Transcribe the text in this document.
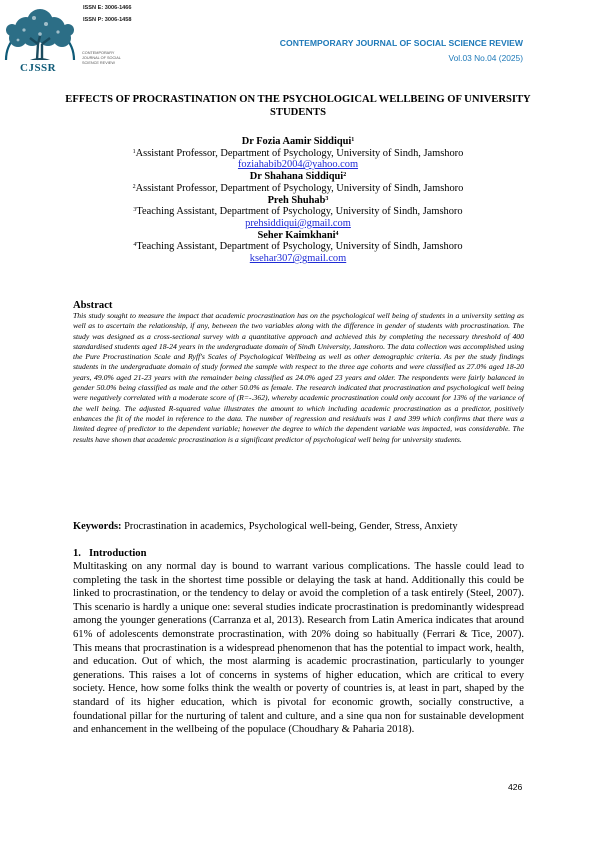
ISSN E: 3006-1466
ISSN P: 3006-1458
CONTEMPORARY
JOURNAL OF SOCIAL
SCIENCE REVIEW
CJSSR
CONTEMPORARY JOURNAL OF SOCIAL SCIENCE REVIEW
Vol.03 No.04 (2025)
EFFECTS OF PROCRASTINATION ON THE PSYCHOLOGICAL WELLBEING OF UNIVERSITY STUDENTS
Dr Fozia Aamir Siddiqui$^1$
$^1$Assistant Professor, Department of Psychology, University of Sindh, Jamshoro
foziahabib2004@yahoo.com
Dr Shahana Siddiqui$^2$
$^2$Assistant Professor, Department of Psychology, University of Sindh, Jamshoro
Preh Shuhab$^3$
$^3$Teaching Assistant, Department of Psychology, University of Sindh, Jamshoro
prehsiddiqui@gmail.com
Seher Kaimkhani$^4$
$^4$Teaching Assistant, Department of Psychology, University of Sindh, Jamshoro
ksehar307@gmail.com
Abstract
This study sought to measure the impact that academic procrastination has on the psychological well being of students in a university setting as well as to ascertain the relationship, if any, between the two variables along with the difference in gender of students with procrastination. The study was designed as a cross-sectional survey with a quantitative approach and achieved this by completing the necessary threshold of 400 standardised students aged 18-24 years in the undergraduate domain of Sindh University, Jamshoro. The data collection was accomplished using the Pure Procrastination Scale and Ryff's Scales of Psychological Wellbeing as well as other demographic criteria. As per the study findings students in the undergraduate domain of study formed the sample with respect to the three age cohorts and were classified as 27.0% aged 18-20 years, 49.0% aged 21-23 years with the remainder being classified as 24.0% aged 23 years and older. The respondents were fairly balanced in gender 50.0% being classified as male and the other 50.0% as female. The research indicated that procrastination and psychological well being were negatively correlated with a moderate score of (R=-.362), whereby academic procrastination could only account for 13% of the variance of the well being. The adjusted R-squared value illustrates the amount to which including academic procrastination as a predictor, positively enhances the fit of the model in reference to the data. The number of regression and residuals was 1 and 399 which confirms that there was a limited degree of predictor to the dependent variable; however the degree to which the dependent variable was impacted, was considerable. The results have shown that academic procrastination is a significant predictor of psychological well being for university students.
Keywords: Procrastination in academics, Psychological well-being, Gender, Stress, Anxiety
1. Introduction
Multitasking on any normal day is bound to warrant various complications. The hassle could lead to completing the task in the shortest time possible or delaying the task at hand. Additionally this could be linked to procrastination, or the tendency to delay or avoid the completion of a task entirely (Steel, 2007). This scenario is hardly a unique one: several studies indicate procrastination is predominantly widespread among the younger generations (Carranza et al, 2013). Research from Latin America indicates that around 61% of adolescents demonstrate procrastination, with 20% doing so habitually (Ferrari & Tice, 2007). This means that procrastination is a widespread phenomenon that has the potential to impact work, health, and education. Out of which, the most alarming is academic procrastination, particularly to younger generations. This raises a lot of concerns in systems of higher education, which are critical to every society. Hence, how some folks think the wealth or poverty of countries is, at least in part, shaped by the standard of its higher education, which is pivotal for economic growth, socially constructive, a foundational pillar for the nurturing of talent and culture, and a sine qua non for sustainable development and enhancement in the wellbeing of the populace (Choudhary & Paharia 2018).
426
